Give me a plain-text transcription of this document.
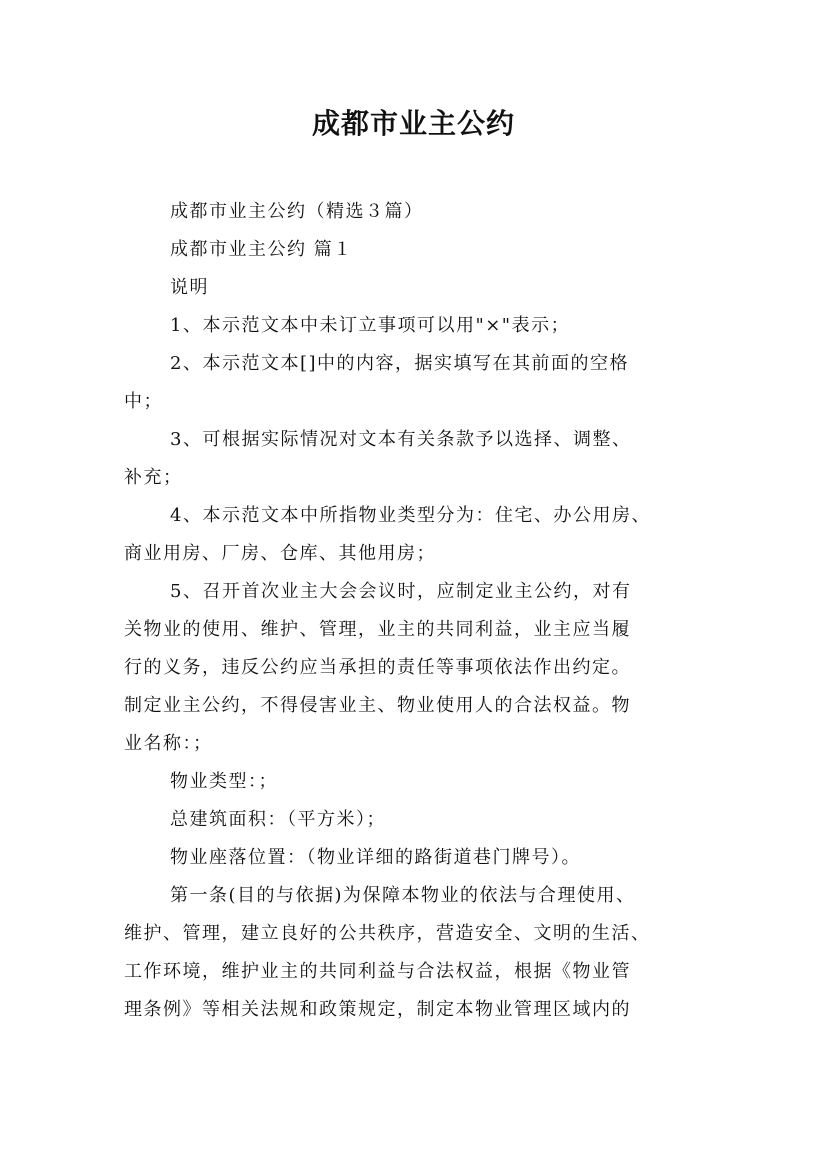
成都市业主公约
成都市业主公约（精选３篇）
成都市业主公约 篇１
说明
1、本示范文本中未订立事项可以用"×"表示；
2、本示范文本[]中的内容，据实填写在其前面的空格
中；
3、可根据实际情况对文本有关条款予以选择、调整、
补充；
4、本示范文本中所指物业类型分为：住宅、办公用房、
商业用房、厂房、仓库、其他用房；
5、召开首次业主大会会议时，应制定业主公约，对有
关物业的使用、维护、管理，业主的共同利益，业主应当履
行的义务，违反公约应当承担的责任等事项依法作出约定。
制定业主公约，不得侵害业主、物业使用人的合法权益。物
业名称：；
物业类型：；
总建筑面积：（平方米）；
物业座落位置：（物业详细的路街道巷门牌号）。
第一条(目的与依据)为保障本物业的依法与合理使用、
维护、管理，建立良好的公共秩序，营造安全、文明的生活、
工作环境，维护业主的共同利益与合法权益，根据《物业管
理条例》等相关法规和政策规定，制定本物业管理区域内的
